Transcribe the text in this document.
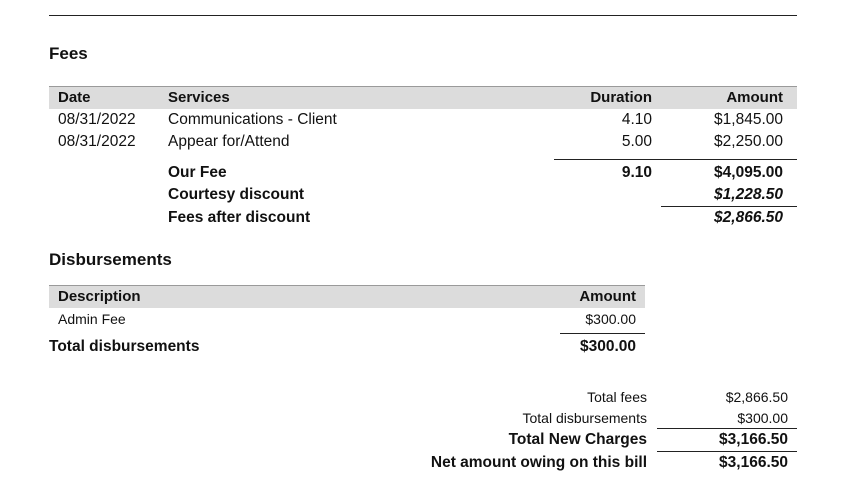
Fees
Date	Services	Duration	Amount
08/31/2022 Communications - Client	4.10	$1,845.00
08/31/2022 Appear for/Attend	5.00	$2,250.00
Our Fee	9.10	$4,095.00
Courtesy discount	$1,228.50
Fees after discount	$2,866.50
Disbursements
Description	Amount
Admin Fee	$300.00
Total disbursements	$300.00
Total fees	$2,866.50
Total disbursements	$300.00
Total New Charges	$3,166.50
Net amount owing on this bill	$3,166.50
